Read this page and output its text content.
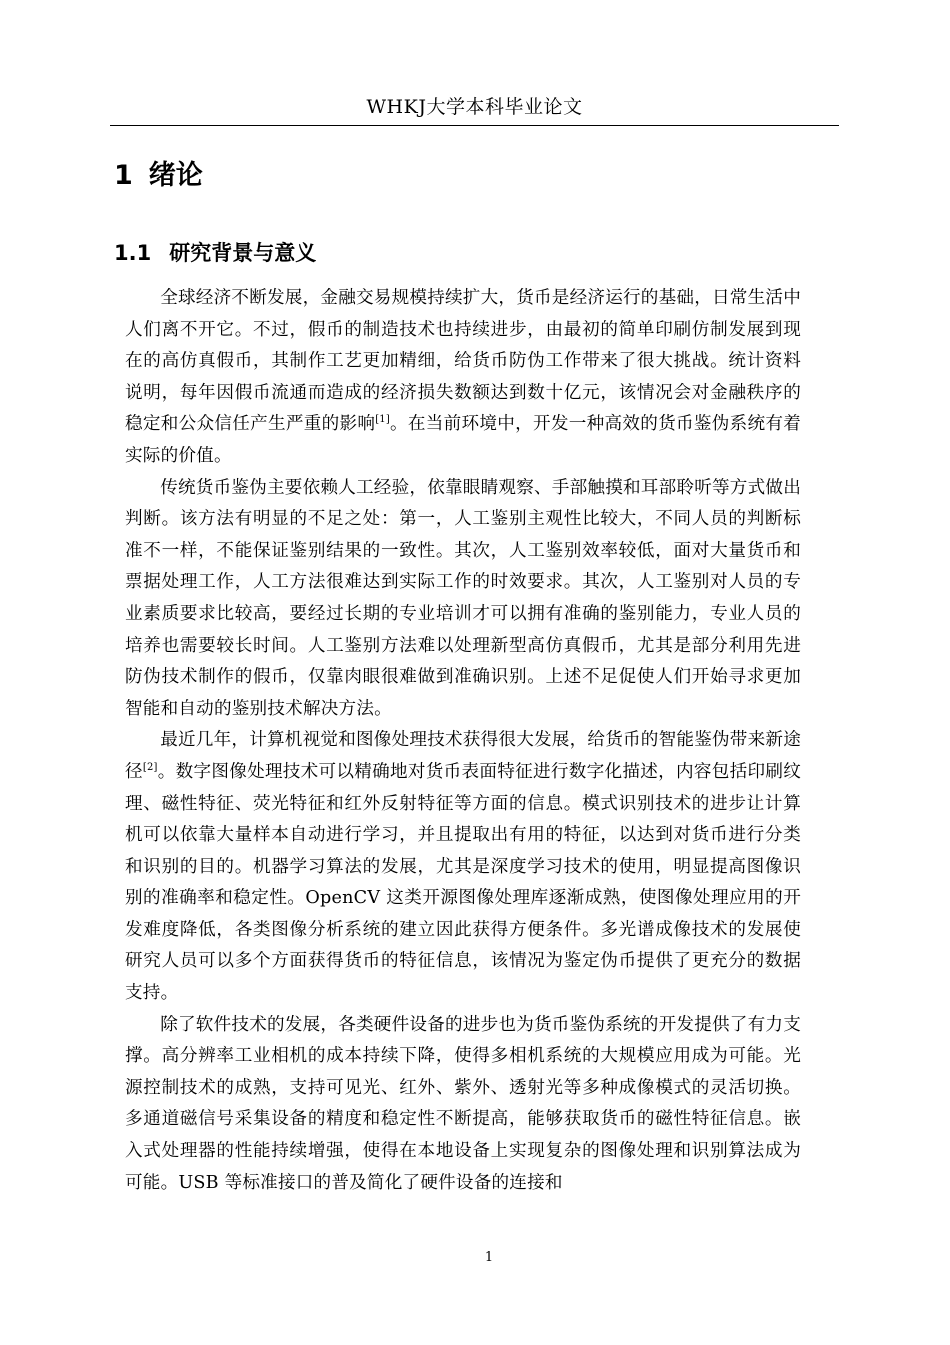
WHKJ大学本科毕业论文
1 绪论
1.1 研究背景与意义

全球经济不断发展，金融交易规模持续扩大，货币是经济运行的基础，日常生活中人们离不开它。不过，假币的制造技术也持续进步，由最初的简单印刷仿制发展到现在的高仿真假币，其制作工艺更加精细，给货币防伪工作带来了很大挑战。统计资料说明，每年因假币流通而造成的经济损失数额达到数十亿元，该情况会对金融秩序的稳定和公众信任产生严重的影响[1]。在当前环境中，开发一种高效的货币鉴伪系统有着实际的价值。

传统货币鉴伪主要依赖人工经验，依靠眼睛观察、手部触摸和耳部聆听等方式做出判断。该方法有明显的不足之处：第一，人工鉴别主观性比较大，不同人员的判断标准不一样，不能保证鉴别结果的一致性。其次，人工鉴别效率较低，面对大量货币和票据处理工作，人工方法很难达到实际工作的时效要求。其次，人工鉴别对人员的专业素质要求比较高，要经过长期的专业培训才可以拥有准确的鉴别能力，专业人员的培养也需要较长时间。人工鉴别方法难以处理新型高仿真假币，尤其是部分利用先进防伪技术制作的假币，仅靠肉眼很难做到准确识别。上述不足促使人们开始寻求更加智能和自动的鉴别技术解决方法。

最近几年，计算机视觉和图像处理技术获得很大发展，给货币的智能鉴伪带来新途径[2]。数字图像处理技术可以精确地对货币表面特征进行数字化描述，内容包括印刷纹理、磁性特征、荧光特征和红外反射特征等方面的信息。模式识别技术的进步让计算机可以依靠大量样本自动进行学习，并且提取出有用的特征，以达到对货币进行分类和识别的目的。机器学习算法的发展，尤其是深度学习技术的使用，明显提高图像识别的准确率和稳定性。OpenCV 这类开源图像处理库逐渐成熟，使图像处理应用的开发难度降低，各类图像分析系统的建立因此获得方便条件。多光谱成像技术的发展使研究人员可以多个方面获得货币的特征信息，该情况为鉴定伪币提供了更充分的数据支持。

除了软件技术的发展，各类硬件设备的进步也为货币鉴伪系统的开发提供了有力支撑。高分辨率工业相机的成本持续下降，使得多相机系统的大规模应用成为可能。光源控制技术的成熟，支持可见光、红外、紫外、透射光等多种成像模式的灵活切换。多通道磁信号采集设备的精度和稳定性不断提高，能够获取货币的磁性特征信息。嵌入式处理器的性能持续增强，使得在本地设备上实现复杂的图像处理和识别算法成为可能。USB 等标准接口的普及简化了硬件设备的连接和

1
